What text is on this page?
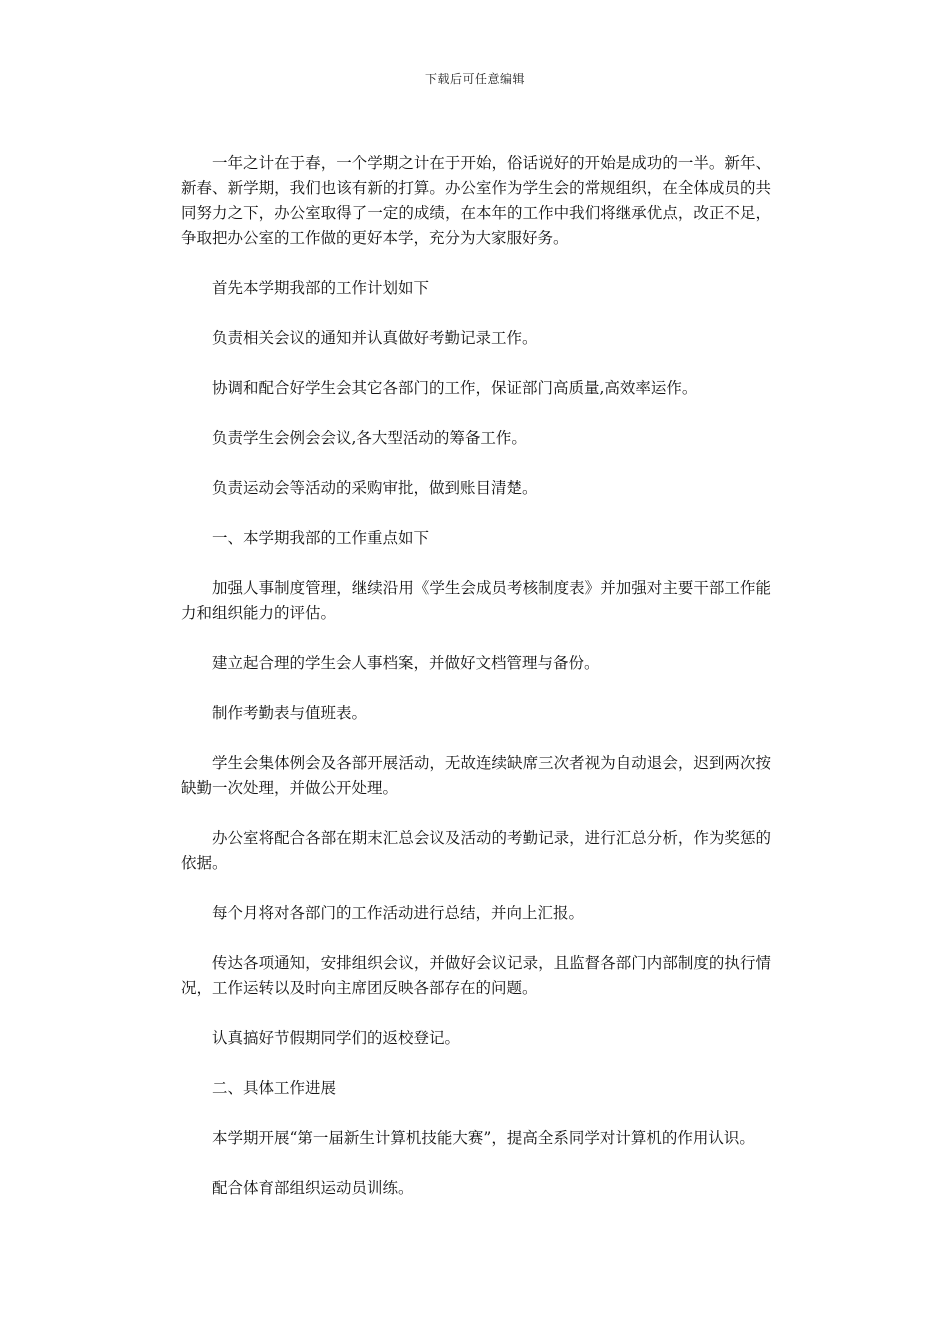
下载后可任意编辑

一年之计在于春，一个学期之计在于开始，俗话说好的开始是成功的一半。新年、新春、新学期，我们也该有新的打算。办公室作为学生会的常规组织，在全体成员的共同努力之下，办公室取得了一定的成绩，在本年的工作中我们将继承优点，改正不足，争取把办公室的工作做的更好本学，充分为大家服好务。

首先本学期我部的工作计划如下

负责相关会议的通知并认真做好考勤记录工作。

协调和配合好学生会其它各部门的工作，保证部门高质量,高效率运作。

负责学生会例会会议,各大型活动的筹备工作。

负责运动会等活动的采购审批，做到账目清楚。

一、本学期我部的工作重点如下

加强人事制度管理，继续沿用《学生会成员考核制度表》并加强对主要干部工作能力和组织能力的评估。

建立起合理的学生会人事档案，并做好文档管理与备份。

制作考勤表与值班表。

学生会集体例会及各部开展活动，无故连续缺席三次者视为自动退会，迟到两次按缺勤一次处理，并做公开处理。

办公室将配合各部在期末汇总会议及活动的考勤记录，进行汇总分析，作为奖惩的依据。

每个月将对各部门的工作活动进行总结，并向上汇报。

传达各项通知，安排组织会议，并做好会议记录，且监督各部门内部制度的执行情况，工作运转以及时向主席团反映各部存在的问题。

认真搞好节假期同学们的返校登记。

二、具体工作进展

本学期开展“第一届新生计算机技能大赛”，提高全系同学对计算机的作用认识。

配合体育部组织运动员训练。
